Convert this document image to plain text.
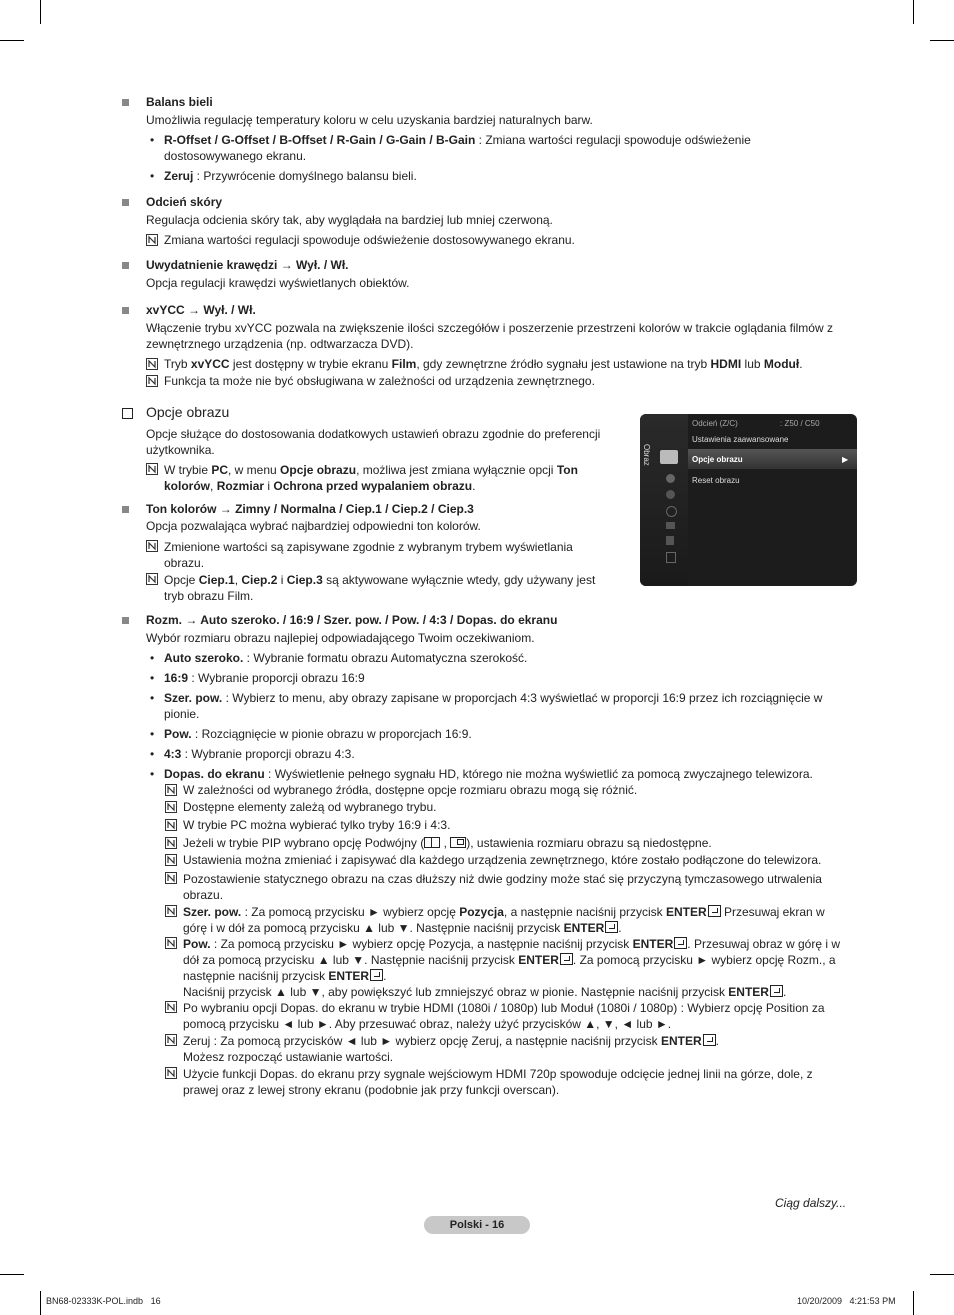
Balans bieli
Umożliwia regulację temperatury koloru w celu uzyskania bardziej naturalnych barw.
• R-Offset / G-Offset / B-Offset / R-Gain / G-Gain / B-Gain : Zmiana wartości regulacji spowoduje odświeżenie
dostosowywanego ekranu.
• Zeruj : Przywrócenie domyślnego balansu bieli.
Odcień skóry
Regulacja odcienia skóry tak, aby wyglądała na bardziej lub mniej czerwoną.
Zmiana wartości regulacji spowoduje odświeżenie dostosowywanego ekranu.
Uwydatnienie krawędzi → Wył. / Wł.
Opcja regulacji krawędzi wyświetlanych obiektów.
xvYCC → Wył. / Wł.
Włączenie trybu xvYCC pozwala na zwiększenie ilości szczegółów i poszerzenie przestrzeni kolorów w trakcie oglądania filmów z
zewnętrznego urządzenia (np. odtwarzacza DVD).
Tryb xvYCC jest dostępny w trybie ekranu Film, gdy zewnętrzne źródło sygnału jest ustawione na tryb HDMI lub Moduł.
Funkcja ta może nie być obsługiwana w zależności od urządzenia zewnętrznego.
Opcje obrazu
Opcje służące do dostosowania dodatkowych ustawień obrazu zgodnie do preferencji
użytkownika.
W trybie PC, w menu Opcje obrazu, możliwa jest zmiana wyłącznie opcji Ton
kolorów, Rozmiar i Ochrona przed wypalaniem obrazu.
Ton kolorów → Zimny / Normalna / Ciep.1 / Ciep.2 / Ciep.3
Opcja pozwalająca wybrać najbardziej odpowiedni ton kolorów.
Zmienione wartości są zapisywane zgodnie z wybranym trybem wyświetlania
obrazu.
Opcje Ciep.1, Ciep.2 i Ciep.3 są aktywowane wyłącznie wtedy, gdy używany jest
tryb obrazu Film.
Rozm. → Auto szeroko. / 16:9 / Szer. pow. / Pow. / 4:3 / Dopas. do ekranu
Wybór rozmiaru obrazu najlepiej odpowiadającego Twoim oczekiwaniom.
• Auto szeroko. : Wybranie formatu obrazu Automatyczna szerokość.
• 16:9 : Wybranie proporcji obrazu 16:9
• Szer. pow. : Wybierz to menu, aby obrazy zapisane w proporcjach 4:3 wyświetlać w proporcji 16:9 przez ich rozciągnięcie w
pionie.
• Pow. : Rozciągnięcie w pionie obrazu w proporcjach 16:9.
• 4:3 : Wybranie proporcji obrazu 4:3.
• Dopas. do ekranu : Wyświetlenie pełnego sygnału HD, którego nie można wyświetlić za pomocą zwyczajnego telewizora.
W zależności od wybranego źródła, dostępne opcje rozmiaru obrazu mogą się różnić.
Dostępne elementy zależą od wybranego trybu.
W trybie PC można wybierać tylko tryby 16:9 i 4:3.
Jeżeli w trybie PIP wybrano opcję Podwójny ( , ), ustawienia rozmiaru obrazu są niedostępne.
Ustawienia można zmieniać i zapisywać dla każdego urządzenia zewnętrznego, które zostało podłączone do telewizora.
Pozostawienie statycznego obrazu na czas dłuższy niż dwie godziny może stać się przyczyną tymczasowego utrwalenia
obrazu.
Szer. pow. : Za pomocą przycisku ► wybierz opcję Pozycja, a następnie naciśnij przycisk ENTER Przesuwaj ekran w
górę i w dół za pomocą przycisku ▲ lub ▼. Następnie naciśnij przycisk ENTER .
Pow. : Za pomocą przycisku ► wybierz opcję Pozycja, a następnie naciśnij przycisk ENTER . Przesuwaj obraz w górę i w
dół za pomocą przycisku ▲ lub ▼. Następnie naciśnij przycisk ENTER . Za pomocą przycisku ► wybierz opcję Rozm., a
następnie naciśnij przycisk ENTER .
Naciśnij przycisk ▲ lub ▼, aby powiększyć lub zmniejszyć obraz w pionie. Następnie naciśnij przycisk ENTER .
Po wybraniu opcji Dopas. do ekranu w trybie HDMI (1080i / 1080p) lub Moduł (1080i / 1080p) : Wybierz opcję Position za
pomocą przycisku ◄ lub ►. Aby przesuwać obraz, należy użyć przycisków ▲, ▼, ◄ lub ►.
Zeruj : Za pomocą przycisków ◄ lub ► wybierz opcję Zeruj, a następnie naciśnij przycisk ENTER .
Możesz rozpocząć ustawianie wartości.
Użycie funkcji Dopas. do ekranu przy sygnale wejściowym HDMI 720p spowoduje odcięcie jednej linii na górze, dole, z
prawej oraz z lewej strony ekranu (podobnie jak przy funkcji overscan).
Obraz
Odcień (Z/C)	: Z50 / C50
Ustawienia zaawansowane
Opcje obrazu	▶
Reset obrazu
Ciąg dalszy...
Polski - 16
BN68-02333K-POL.indb   16	10/20/2009   4:21:53 PM
